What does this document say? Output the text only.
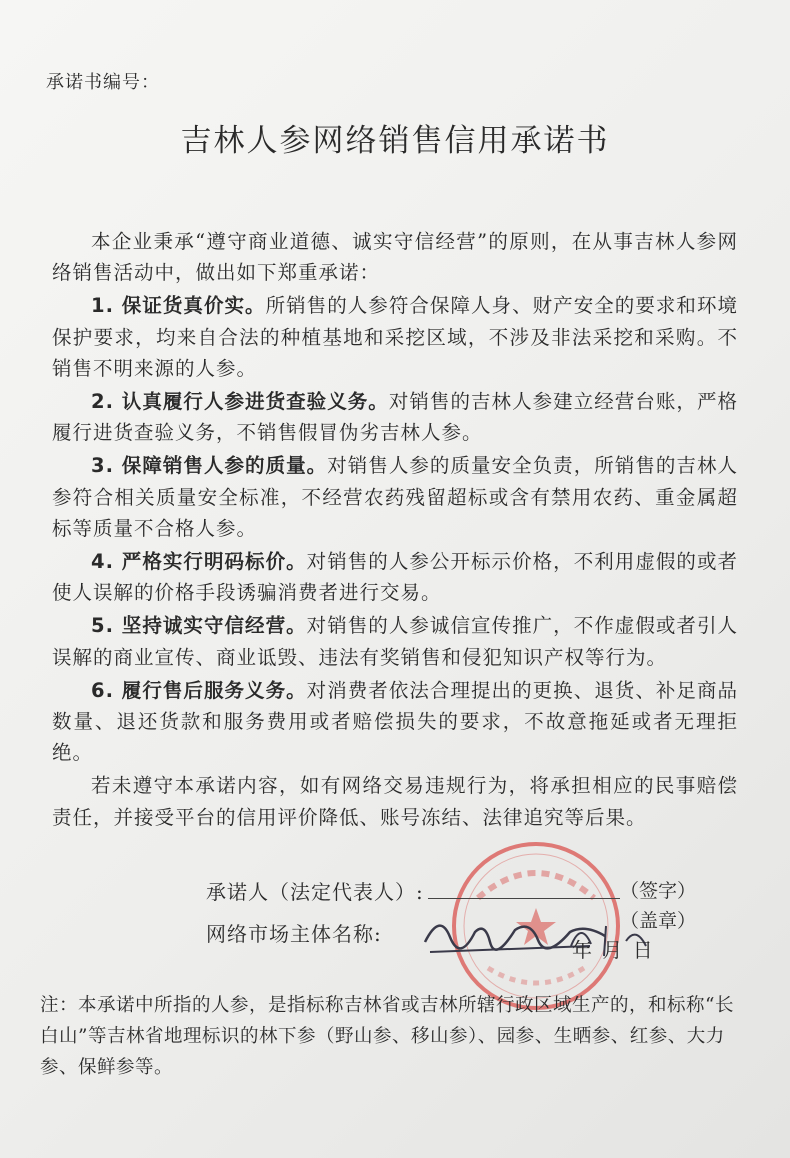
承诺书编号：
吉林人参网络销售信用承诺书

本企业秉承“遵守商业道德、诚实守信经营”的原则，在从事吉林人参网络销售活动中，做出如下郑重承诺：

1. 保证货真价实。所销售的人参符合保障人身、财产安全的要求和环境保护要求，均来自合法的种植基地和采挖区域，不涉及非法采挖和采购。不销售不明来源的人参。

2. 认真履行人参进货查验义务。对销售的吉林人参建立经营台账，严格履行进货查验义务，不销售假冒伪劣吉林人参。

3. 保障销售人参的质量。对销售人参的质量安全负责，所销售的吉林人参符合相关质量安全标准，不经营农药残留超标或含有禁用农药、重金属超标等质量不合格人参。

4. 严格实行明码标价。对销售的人参公开标示价格，不利用虚假的或者使人误解的价格手段诱骗消费者进行交易。

5. 坚持诚实守信经营。对销售的人参诚信宣传推广，不作虚假或者引人误解的商业宣传、商业诋毁、违法有奖销售和侵犯知识产权等行为。

6. 履行售后服务义务。对消费者依法合理提出的更换、退货、补足商品数量、退还货款和服务费用或者赔偿损失的要求，不故意拖延或者无理拒绝。

若未遵守本承诺内容，如有网络交易违规行为，将承担相应的民事赔偿责任，并接受平台的信用评价降低、账号冻结、法律追究等后果。

承诺人（法定代表人）:	（签字）
网络市场主体名称:
（盖章）
年 月 日
注：本承诺中所指的人参，是指标称吉林省或吉林所辖行政区域生产的，和标称“长白山”等吉林省地理标识的林下参（野山参、移山参）、园参、生晒参、红参、大力参、保鲜参等。
